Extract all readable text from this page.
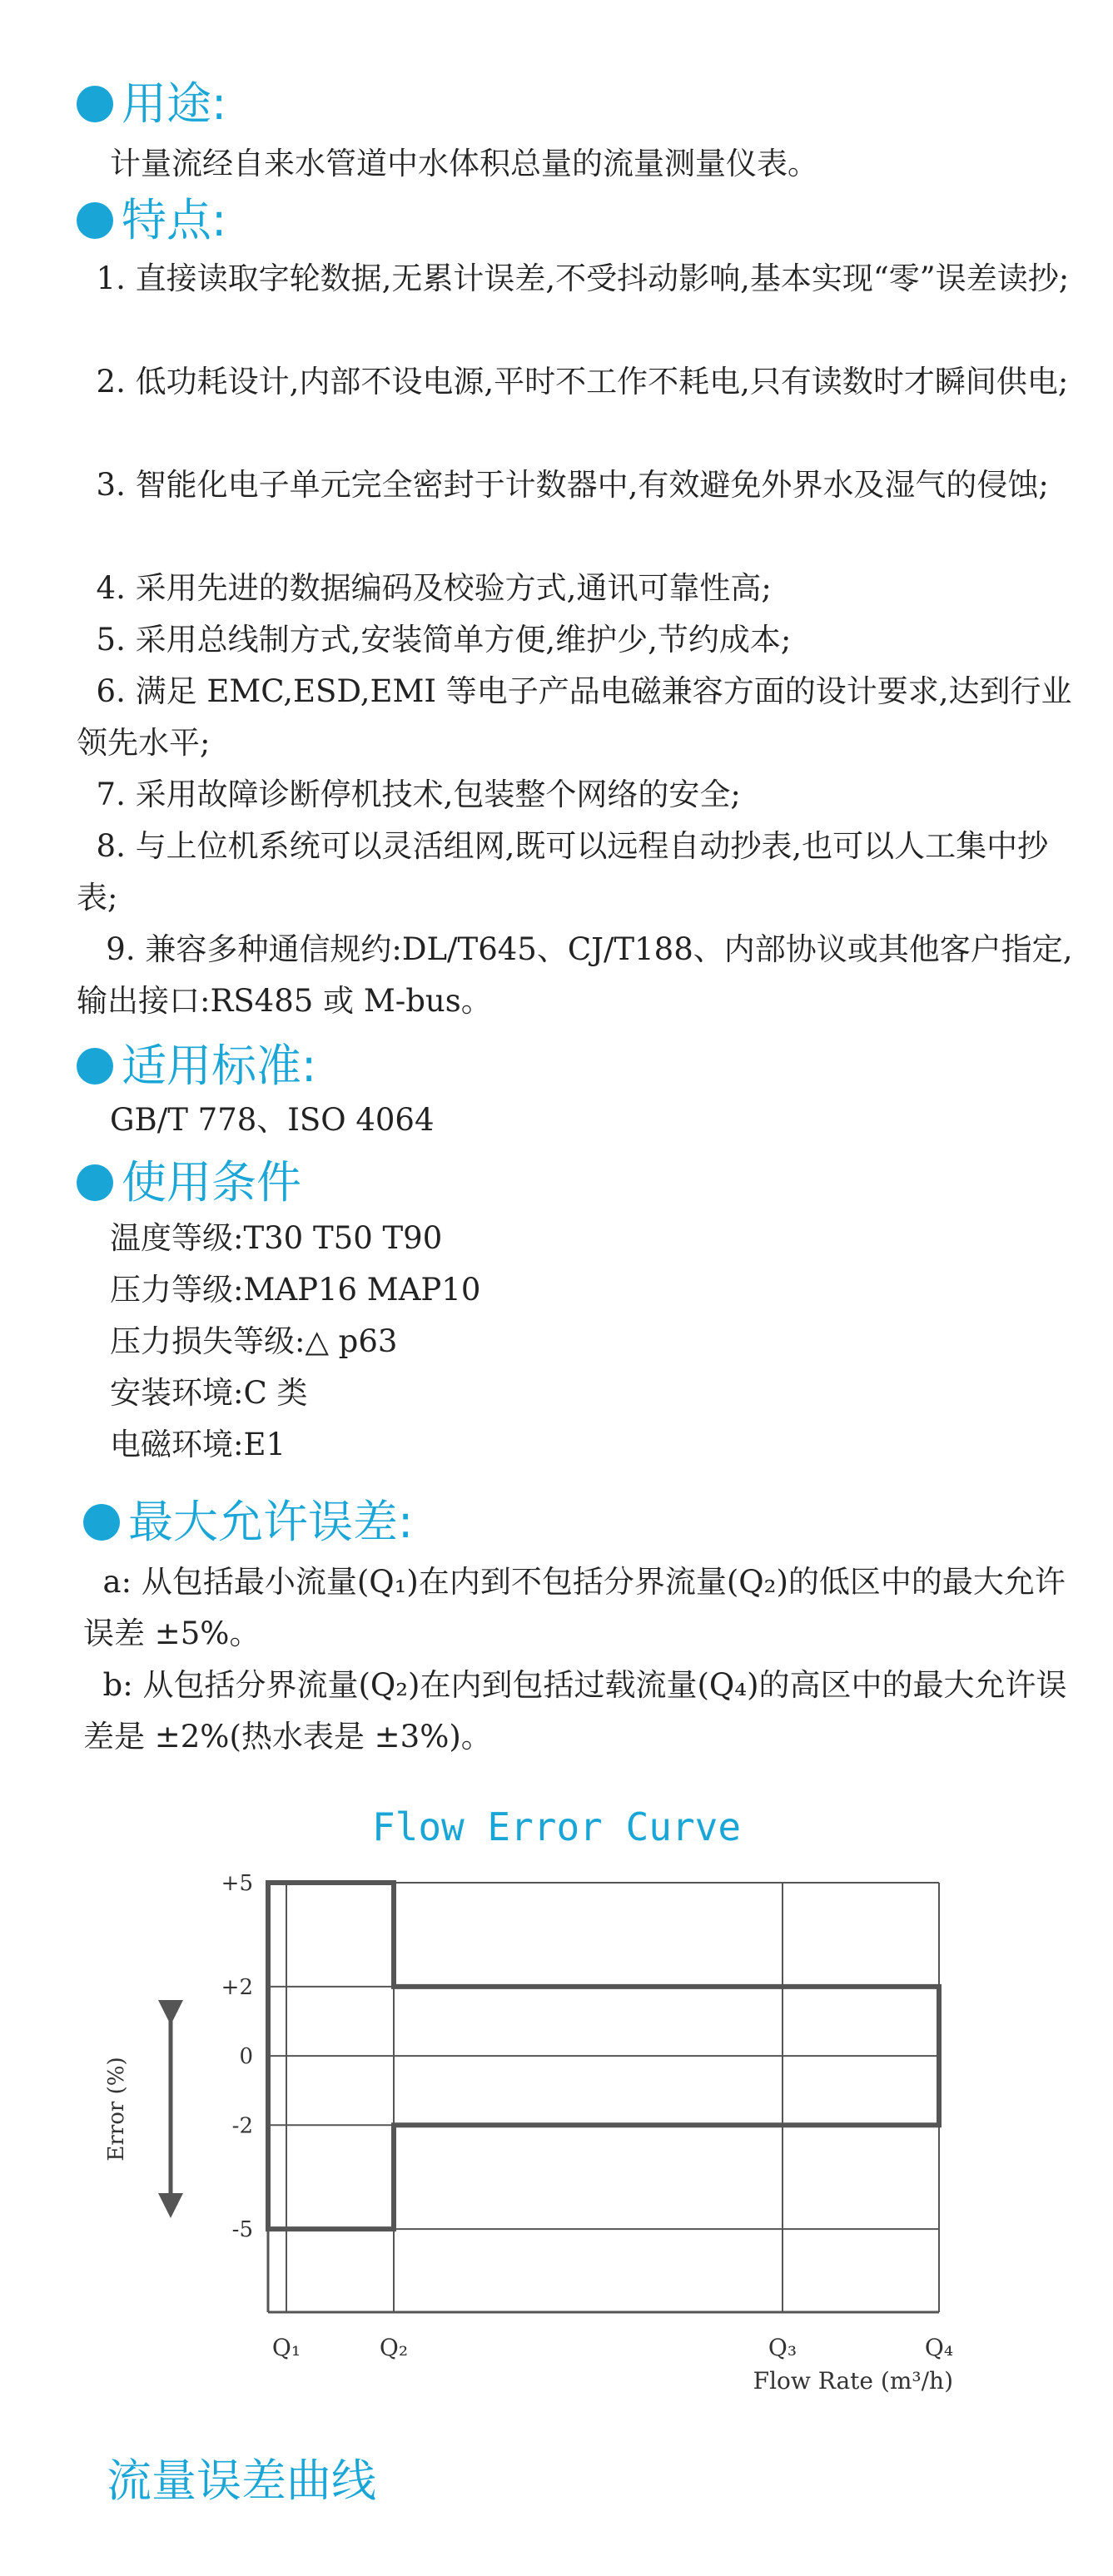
用途:
计量流经自来水管道中水体积总量的流量测量仪表。
特点:
1. 直接读取字轮数据,无累计误差,不受抖动影响,基本实现“零”误差读抄;
2. 低功耗设计,内部不设电源,平时不工作不耗电,只有读数时才瞬间供电;
3. 智能化电子单元完全密封于计数器中,有效避免外界水及湿气的侵蚀;
4. 采用先进的数据编码及校验方式,通讯可靠性高;
5. 采用总线制方式,安装简单方便,维护少,节约成本;
6. 满足 EMC,ESD,EMI 等电子产品电磁兼容方面的设计要求,达到行业领先水平;
7. 采用故障诊断停机技术,包装整个网络的安全;
8. 与上位机系统可以灵活组网,既可以远程自动抄表,也可以人工集中抄表;
9. 兼容多种通信规约:DL/T645、CJ/T188、内部协议或其他客户指定,输出接口:RS485 或 M-bus。
适用标准:
GB/T 778、ISO 4064
使用条件
温度等级:T30 T50 T90
压力等级:MAP16 MAP10
压力损失等级:△ p63
安装环境:C 类
电磁环境:E1
最大允许误差:
a: 从包括最小流量(Q₁)在内到不包括分界流量(Q₂)的低区中的最大允许误差 ±5%。
b: 从包括分界流量(Q₂)在内到包括过载流量(Q₄)的高区中的最大允许误差是 ±2%(热水表是 ±3%)。
Flow Error Curve
+5
+2
0
-2
-5
Q₁	Q₂	Q₃	Q₄
Error (%)
Flow Rate (m³/h)
流量误差曲线
